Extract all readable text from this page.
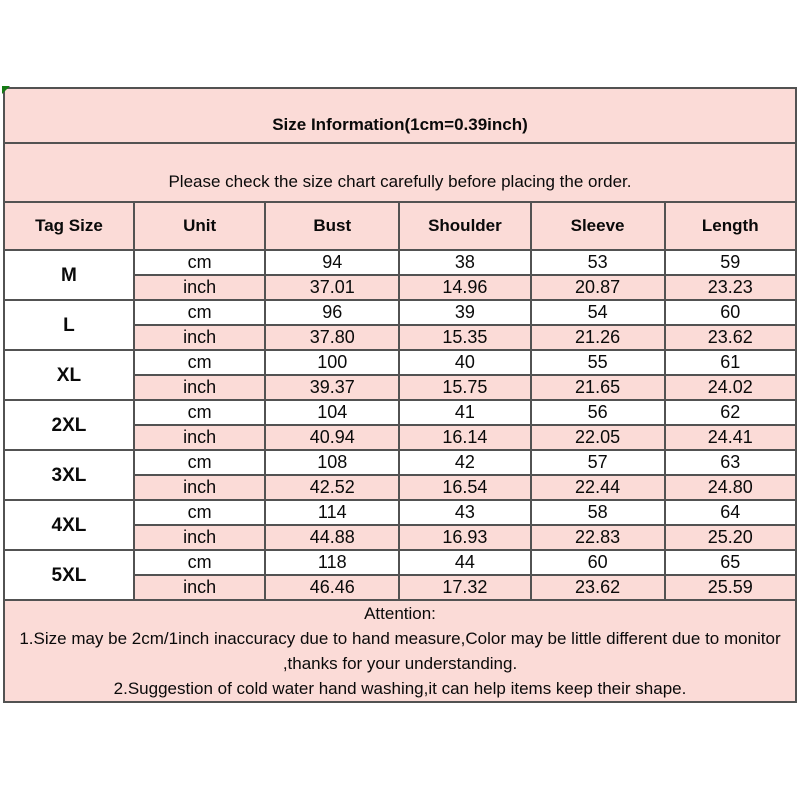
Size Information(1cm=0.39inch)					
Please check the size chart carefully before placing the order.					
Tag Size	Unit	Bust	Shoulder	Sleeve	Length
M	cm	94	38	53	59
	inch	37.01	14.96	20.87	23.23
L	cm	96	39	54	60
	inch	37.80	15.35	21.26	23.62
XL	cm	100	40	55	61
	inch	39.37	15.75	21.65	24.02
2XL	cm	104	41	56	62
	inch	40.94	16.14	22.05	24.41
3XL	cm	108	42	57	63
	inch	42.52	16.54	22.44	24.80
4XL	cm	114	43	58	64
	inch	44.88	16.93	22.83	25.20
5XL	cm	118	44	60	65
	inch	46.46	17.32	23.62	25.59

Attention:
1.Size may be 2cm/1inch inaccuracy due to hand measure,Color may be little different due to monitor ,thanks for your understanding.
2.Suggestion of cold water hand washing,it can help items keep their shape.					
